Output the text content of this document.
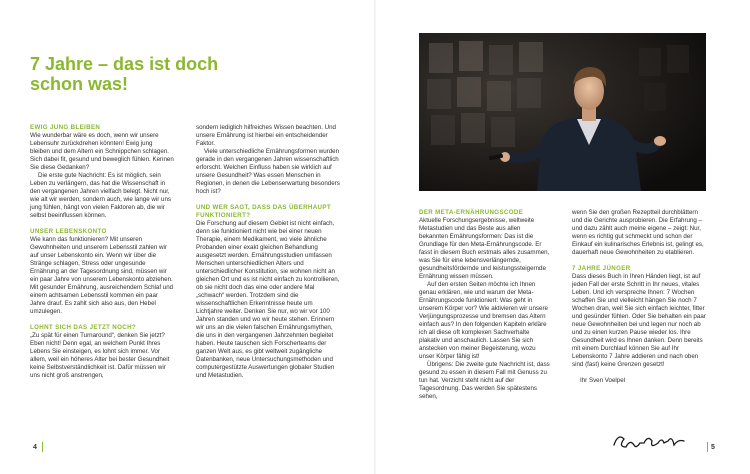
7 Jahre – das ist doch schon was!
EWIG JUNG BLEIBEN

Wie wunderbar wäre es doch, wenn wir unsere Lebensuhr zurückdrehen könnten! Ewig jung bleiben und dem Altern ein Schnippchen schlagen. Sich dabei fit, gesund und beweglich fühlen. Kennen Sie diese Gedanken?

Die erste gute Nachricht: Es ist möglich, sein Leben zu verlängern, das hat die Wissenschaft in den vergangenen Jahren vielfach belegt. Nicht nur, wie alt wir werden, sondern auch, wie lange wir uns jung fühlen, hängt von vielen Faktoren ab, die wir selbst beeinflussen können.

UNSER LEBENSKONTO

Wie kann das funktionieren? Mit unseren Gewohnheiten und unserem Lebensstil zahlen wir auf unser Lebenskonto ein. Wenn wir über die Stränge schlagen, Stress oder ungesunde Ernährung an der Tagesordnung sind, müssen wir ein paar Jahre von unserem Lebenskonto abziehen. Mit gesunder Ernährung, ausreichendem Schlaf und einem achtsamen Lebensstil kommen ein paar Jahre drauf. Es zahlt sich also aus, den Hebel umzulegen.

LOHNT SICH DAS JETZT NOCH?

„Zu spät für einen Turnaround“, denken Sie jetzt? Eben nicht! Denn egal, an welchem Punkt Ihres Lebens Sie einsteigen, es lohnt sich immer. Vor allem, weil ein höheres Alter bei bester Gesundheit keine Selbstverständlichkeit ist. Dafür müssen wir uns nicht groß anstrengen,

sondern lediglich hilfreiches Wissen beachten. Und unsere Ernährung ist hierbei ein entscheidender Faktor.

Viele unterschiedliche Ernährungsformen wurden gerade in den vergangenen Jahren wissenschaftlich erforscht. Welchen Einfluss haben sie wirklich auf unsere Gesundheit? Was essen Menschen in Regionen, in denen die Lebenserwartung besonders hoch ist?

UND WER SAGT, DASS DAS ÜBERHAUPT FUNKTIONIERT?

Die Forschung auf diesem Gebiet ist nicht einfach, denn sie funktioniert nicht wie bei einer neuen Therapie, einem Medikament, wo viele ähnliche Probanden einer exakt gleichen Behandlung ausgesetzt werden. Ernährungsstudien umfassen Menschen unterschiedlichen Alters und unterschiedlicher Konstitution, sie wohnen nicht an gleichen Ort und es ist nicht einfach zu kontrollieren, ob sie nicht doch das eine oder andere Mal „schwach“ werden. Trotzdem sind die wissenschaftlichen Erkenntnisse heute um Lichtjahre weiter. Denken Sie nur, wo wir vor 100 Jahren standen und wo wir heute stehen. Erinnern wir uns an die vielen falschen Ernährungsmythen, die uns in den vergangenen Jahrzehnten begleitet haben. Heute tauschen sich Forscherteams der ganzen Welt aus, es gibt weltweit zugängliche Datenbanken, neue Untersuchungsmethoden und computergestützte Auswertungen globaler Studien und Metastudien.

4
DER META-ERNÄHRUNGSCODE

Aktuelle Forschungsergebnisse, weltweite Metastudien und das Beste aus allen bekannten Ernährungsformen: Das ist die Grundlage für den Meta-Ernährungscode. Er fasst in diesem Buch erstmals alles zusammen, was Sie für eine lebensverlängernde, gesundheitsfördernde und leistungssteigernde Ernährung wissen müssen.

Auf den ersten Seiten möchte ich Ihnen genau erklären, wie und warum der Meta-Ernährungscode funktioniert: Was geht in unserem Körper vor? Wie aktivieren wir unsere Verjüngungsprozesse und bremsen das Altern einfach aus? In den folgenden Kapiteln erkläre ich all diese oft komplexen Sachverhalte plakativ und anschaulich. Lassen Sie sich anstecken von meiner Begeisterung, wozu unser Körper fähig ist!

Übrigens: Die zweite gute Nachricht ist, dass gesund zu essen in diesem Fall mit Genuss zu tun hat. Verzicht steht nicht auf der Tagesordnung. Das werden Sie spätestens sehen,

wenn Sie den großen Rezeptteil durchblättern und die Gerichte ausprobieren. Die Erfahrung – und dazu zählt auch meine eigene – zeigt: Nur, wenn es richtig gut schmeckt und schon der Einkauf ein kulinarisches Erlebnis ist, gelingt es, dauerhaft neue Gewohnheiten zu etablieren.

7 JAHRE JÜNGER

Dass dieses Buch in Ihren Händen liegt, ist auf jeden Fall der erste Schritt in Ihr neues, vitales Leben. Und ich verspreche Ihnen: 7 Wochen schaffen Sie und vielleicht hängen Sie noch 7 Wochen dran, weil Sie sich einfach leichter, fitter und gesünder fühlen. Oder Sie behalten ein paar neue Gewohnheiten bei und legen nur noch ab und zu einen kurzen Pause wieder los. Ihre Gesundheit wird es Ihnen danken. Denn bereits mit einem Durchlauf können Sie auf Ihr Lebenskonto 7 Jahre addieren und nach oben sind (fast) keine Grenzen gesetzt!

Ihr Sven Voelpel

5
